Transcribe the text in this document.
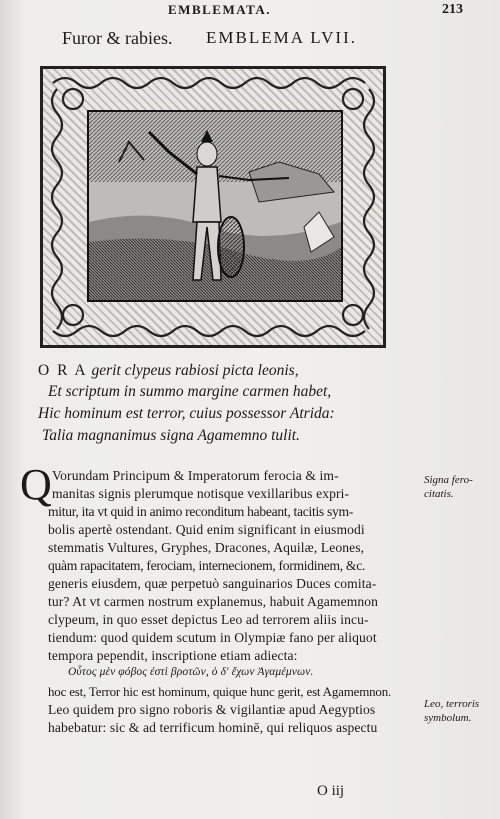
EMBLEMATA.	213
Furor & rabies. EMBLEMA LVII.
O R A gerit clypeus rabiosi picta leonis,
Et scriptum in summo margine carmen habet,
Hic hominum est terror, cuius possessor Atrida:
Talia magnanimus signa Agamemno tulit.
Q Vorundam Principum & Imperatorum ferocia & im-
manitas signis plerumque notisque vexillaribus expri-
mitur, ita vt quid in animo reconditum habeant, tacitis sym-
bolis apertè ostendant. Quid enim significant in eiusmodi
stemmatis Vultures, Gryphes, Dracones, Aquilæ, Leones,
quàm rapacitatem, ferociam, internecionem, formidinem, &c.
generis eiusdem, quæ perpetuò sanguinarios Duces comita-
tur? At vt carmen nostrum explanemus, habuit Agamemnon
clypeum, in quo esset depictus Leo ad terrorem aliis incu-
tiendum: quod quidem scutum in Olympiæ fano per aliquot
tempora pependit, inscriptione etiam adiecta:
Οὗτος μὲν φόβος ἐστὶ βροτῶν, ὁ δ' ἔχων Ἀγαμέμνων.
hoc est, Terror hic est hominum, quique hunc gerit, est Agamemnon.
Leo quidem pro signo roboris & vigilantiæ apud Aegyptios
habebatur: sic & ad terrificum hominē, qui reliquos aspectu
Signa fero-
citatis.
Leo, terroris
symbolum.
O iij
